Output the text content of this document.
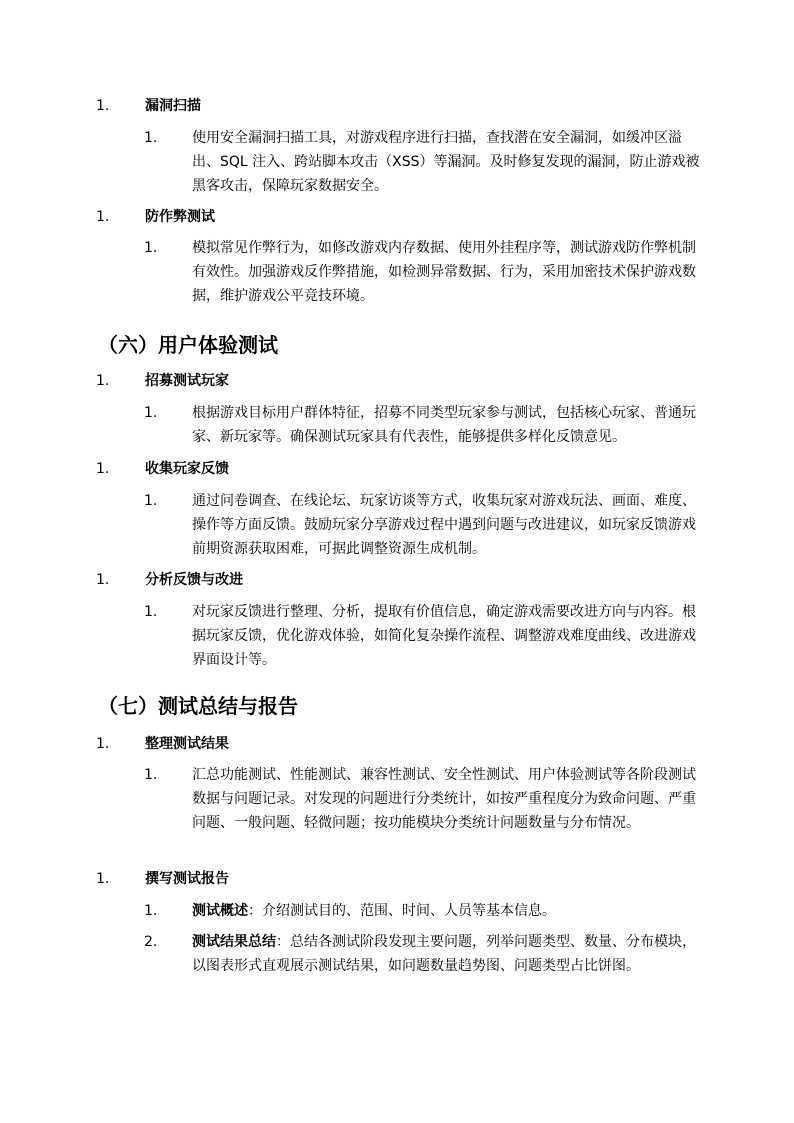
1.	漏洞扫描
1. 使用安全漏洞扫描工具，对游戏程序进行扫描，查找潜在安全漏洞，如缓冲区溢出、SQL 注入、跨站脚本攻击（XSS）等漏洞。及时修复发现的漏洞，防止游戏被黑客攻击，保障玩家数据安全。
1.	防作弊测试
1. 模拟常见作弊行为，如修改游戏内存数据、使用外挂程序等，测试游戏防作弊机制有效性。加强游戏反作弊措施，如检测异常数据、行为，采用加密技术保护游戏数据，维护游戏公平竞技环境。
（六）用户体验测试
1.	招募测试玩家
1. 根据游戏目标用户群体特征，招募不同类型玩家参与测试，包括核心玩家、普通玩家、新玩家等。确保测试玩家具有代表性，能够提供多样化反馈意见。
1.	收集玩家反馈
1. 通过问卷调查、在线论坛、玩家访谈等方式，收集玩家对游戏玩法、画面、难度、操作等方面反馈。鼓励玩家分享游戏过程中遇到问题与改进建议，如玩家反馈游戏前期资源获取困难，可据此调整资源生成机制。
1.	分析反馈与改进
1. 对玩家反馈进行整理、分析，提取有价值信息，确定游戏需要改进方向与内容。根据玩家反馈，优化游戏体验，如简化复杂操作流程、调整游戏难度曲线、改进游戏界面设计等。
（七）测试总结与报告
1.	整理测试结果
1. 汇总功能测试、性能测试、兼容性测试、安全性测试、用户体验测试等各阶段测试数据与问题记录。对发现的问题进行分类统计，如按严重程度分为致命问题、严重问题、一般问题、轻微问题；按功能模块分类统计问题数量与分布情况。
1.	撰写测试报告
1. 测试概述：介绍测试目的、范围、时间、人员等基本信息。
2. 测试结果总结：总结各测试阶段发现主要问题，列举问题类型、数量、分布模块，以图表形式直观展示测试结果，如问题数量趋势图、问题类型占比饼图。
